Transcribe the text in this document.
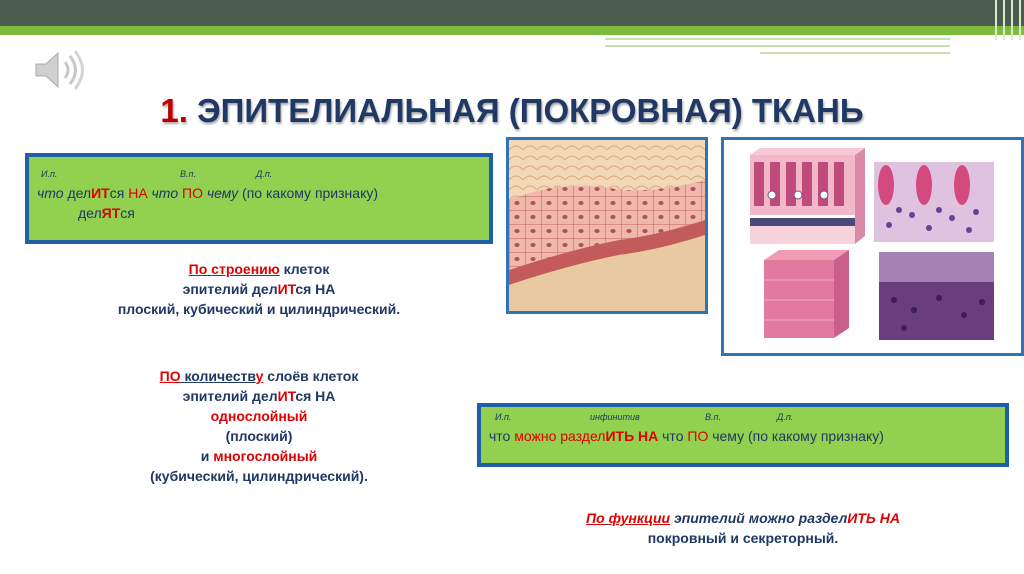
1. ЭПИТЕЛИАЛЬНАЯ (ПОКРОВНАЯ) ТКАНЬ
И.п.	В.п.	Д.п.
что делИТся НА что ПО чему (по какому признаку)
делЯТся
По строению клеток
эпителий делИТся НА
плоский, кубический и цилиндрический.
ПО количеству слоёв клеток
эпителий делИТся НА
однослойный
(плоский)
и многослойный
(кубический, цилиндрический).
И.п.	инфинитив	В.п.	Д.п.
что можно разделИТЬ НА что ПО чему (по какому признаку)
По функции эпителий можно разделИТЬ НА
покровный и секреторный.
